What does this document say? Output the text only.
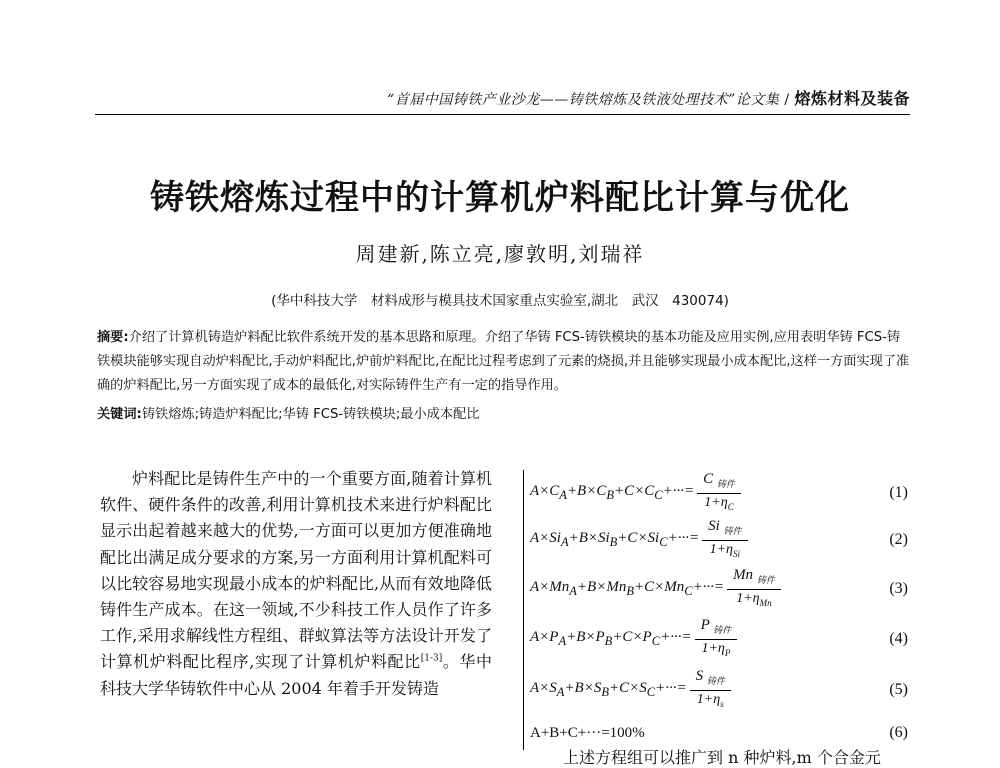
“首届中国铸铁产业沙龙——铸铁熔炼及铁液处理技术”论文集 / 熔炼材料及装备
铸铁熔炼过程中的计算机炉料配比计算与优化
周建新,陈立亮,廖敦明,刘瑞祥
(华中科技大学　材料成形与模具技术国家重点实验室,湖北　武汉　430074)
摘要:介绍了计算机铸造炉料配比软件系统开发的基本思路和原理。介绍了华铸 FCS-铸铁模块的基本功能及应用实例,应用表明华铸 FCS-铸铁模块能够实现自动炉料配比,手动炉料配比,炉前炉料配比,在配比过程考虑到了元素的烧损,并且能够实现最小成本配比,这样一方面实现了准确的炉料配比,另一方面实现了成本的最低化,对实际铸件生产有一定的指导作用。
关键词:铸铁熔炼;铸造炉料配比;华铸 FCS-铸铁模块;最小成本配比
炉料配比是铸件生产中的一个重要方面,随着计算机软件、硬件条件的改善,利用计算机技术来进行炉料配比显示出起着越来越大的优势,一方面可以更加方便准确地配比出满足成分要求的方案,另一方面利用计算机配料可以比较容易地实现最小成本的炉料配比,从而有效地降低铸件生产成本。在这一领域,不少科技工作人员作了许多工作,采用求解线性方程组、群蚁算法等方法设计开发了计算机炉料配比程序,实现了计算机炉料配比[1-3]。华中科技大学华铸软件中心从 2004 年着手开发铸造
$A\times C_A+B\times C_B+C\times C_C+\cdot\cdot\cdot= \frac{C _{铸件}}{1+\eta_C}$	(1)
$A\times Si_A+B\times Si_B+C\times Si_C+\cdot\cdot\cdot= \frac{Si _{铸件}}{1+\eta_{Si}}$	(2)
$A\times Mn_A+B\times Mn_B+C\times Mn_C+\cdot\cdot\cdot= \frac{Mn _{铸件}}{1+\eta_{Mn}}$	(3)
$A\times P_A+B\times P_B+C\times P_C+\cdot\cdot\cdot= \frac{P _{铸件}}{1+\eta_P}$	(4)
$A\times S_A+B\times S_B+C\times S_C+\cdot\cdot\cdot= \frac{S _{铸件}}{1+\eta_s}$	(5)
A+B+C+···=100%	(6)
上述方程组可以推广到 n 种炉料,m 个合金元
